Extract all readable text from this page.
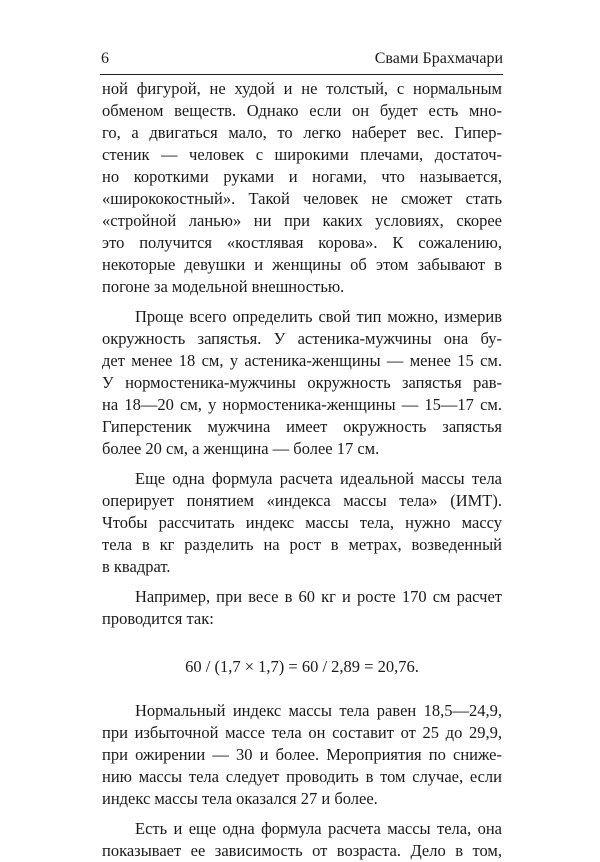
6	Свами Брахмачари
ной фигурой, не худой и не толстый, с нормальным
обменом веществ. Однако если он будет есть мно-
го, а двигаться мало, то легко наберет вес. Гипер-
стеник — человек с широкими плечами, достаточ-
но короткими руками и ногами, что называется,
«ширококостный». Такой человек не сможет стать
«стройной ланью» ни при каких условиях, скорее
это получится «костлявая корова». К сожалению,
некоторые девушки и женщины об этом забывают в
погоне за модельной внешностью.
Проще всего определить свой тип можно, измерив
окружность запястья. У астеника-мужчины она бу-
дет менее 18 см, у астеника-женщины — менее 15 см.
У нормостеника-мужчины окружность запястья рав-
на 18—20 см, у нормостеника-женщины — 15—17 см.
Гиперстеник мужчина имеет окружность запястья
более 20 см, а женщина — более 17 см.
Еще одна формула расчета идеальной массы тела
оперирует понятием «индекса массы тела» (ИМТ).
Чтобы рассчитать индекс массы тела, нужно массу
тела в кг разделить на рост в метрах, возведенный
в квадрат.
Например, при весе в 60 кг и росте 170 см расчет
проводится так:
60 / (1,7 × 1,7) = 60 / 2,89 = 20,76.
Нормальный индекс массы тела равен 18,5—24,9,
при избыточной массе тела он составит от 25 до 29,9,
при ожирении — 30 и более. Мероприятия по сниже-
нию массы тела следует проводить в том случае, если
индекс массы тела оказался 27 и более.
Есть и еще одна формула расчета массы тела, она
показывает ее зависимость от возраста. Дело в том,
